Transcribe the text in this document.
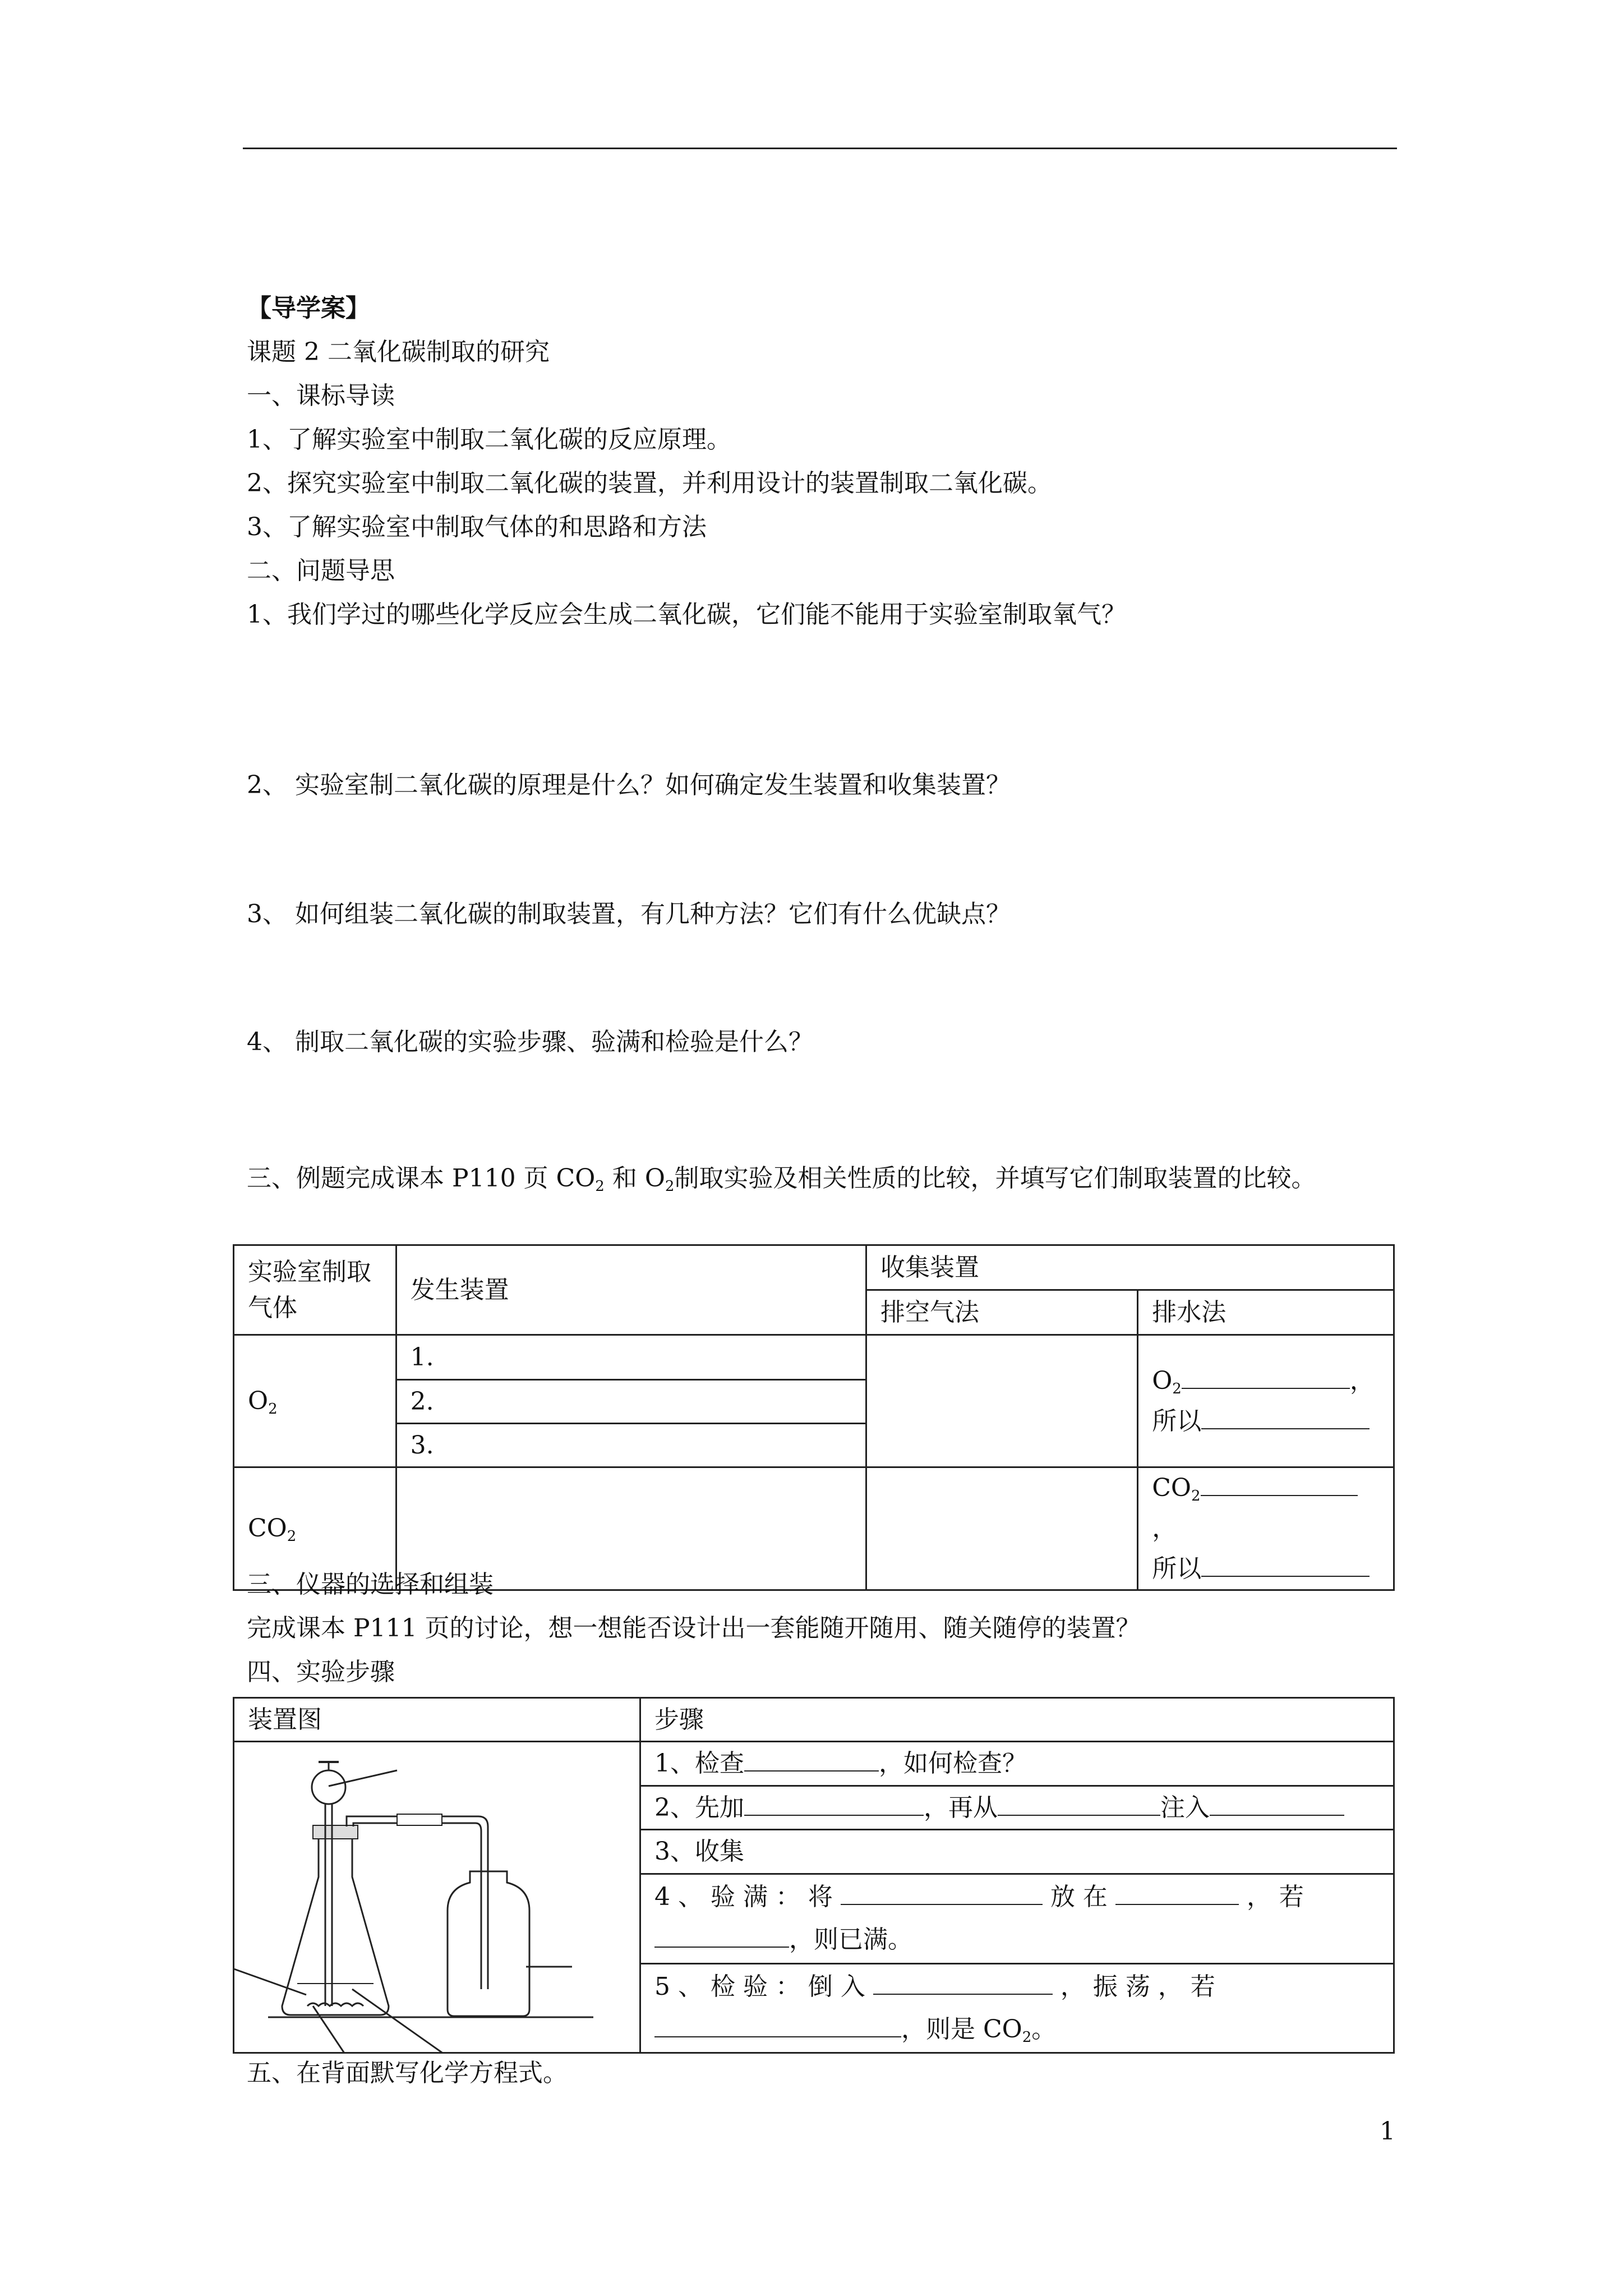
【导学案】
课题 2 二氧化碳制取的研究
一、课标导读
1、了解实验室中制取二氧化碳的反应原理。
2、探究实验室中制取二氧化碳的装置，并利用设计的装置制取二氧化碳。
3、了解实验室中制取气体的和思路和方法
二、问题导思
1、我们学过的哪些化学反应会生成二氧化碳，它们能不能用于实验室制取氧气？
2、 实验室制二氧化碳的原理是什么？如何确定发生装置和收集装置？
3、 如何组装二氧化碳的制取装置，有几种方法？它们有什么优缺点？
4、 制取二氧化碳的实验步骤、验满和检验是什么？
三、例题完成课本 P110 页 $CO_2$ 和 $O_2$制取实验及相关性质的比较，并填写它们制取装置的比较。
实验室制取气体	发生装置	收集装置	
		排空气法	排水法
$O_2$	1.		$O_2$ ，
所以
	2.		
	3.		
$CO_2$			$CO_2$，
所以
三、仪器的选择和组装
完成课本 P111 页的讨论，想一想能否设计出一套能随开随用、随关随停的装置？
四、实验步骤
装置图	步骤

	1、检查 ，如何检查？
	2、先加 ，再从 注入
	3、收集
	4 、 验 满 ： 将 放 在 ， 若
，则已满。
	5 、 检 验 ： 倒 入 ， 振 荡 ， 若
，则是 $CO_2$。
五、在背面默写化学方程式。
1
